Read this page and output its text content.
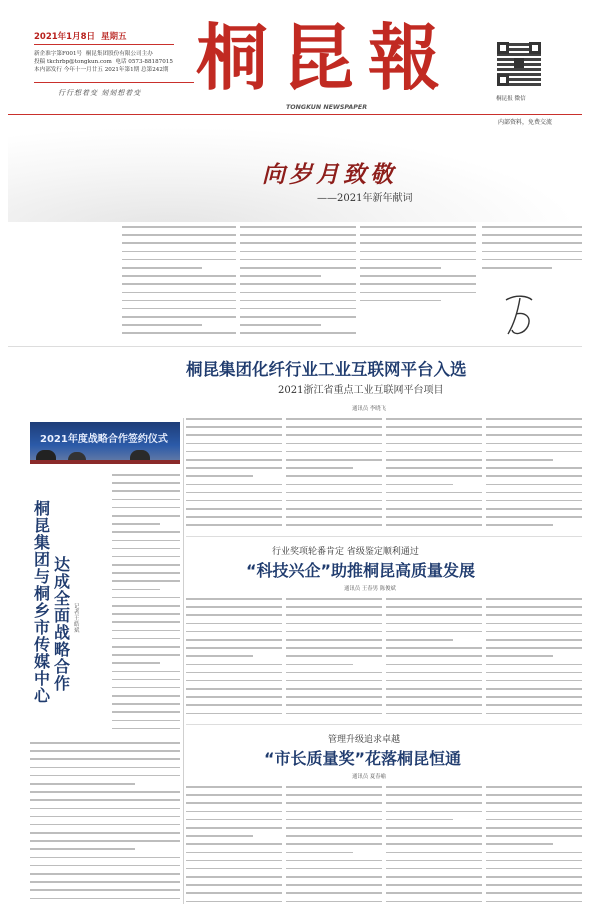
2021年1月8日 星期五
新企准字第F001号 桐昆集团股份有限公司主办
投稿 tkchrbp@tongkun.com 电话 0573-88187015
本内部发行 今年十一月廿五 2021年第1期 总第242期
行行想着变 刻刻想着变 桐昆報
TONGKUN NEWSPAPER
桐昆报 微信
内部资料，免费交流
向岁月致敬
——2021年新年献词
桐昆集团化纤行业工业互联网平台入选
2021浙江省重点工业互联网平台项目
通讯员 李晓飞
2021年度战略合作签约仪式
桐昆集团与桐乡市传媒中心
达成全面战略合作
记者 王皓斌
行业奖项轮番肯定 省级鉴定顺利通过
“科技兴企”助推桐昆高质量发展
通讯员 王春男 陈俊斌
管理升级追求卓越
“市长质量奖”花落桐昆恒通
通讯员 夏春喻
